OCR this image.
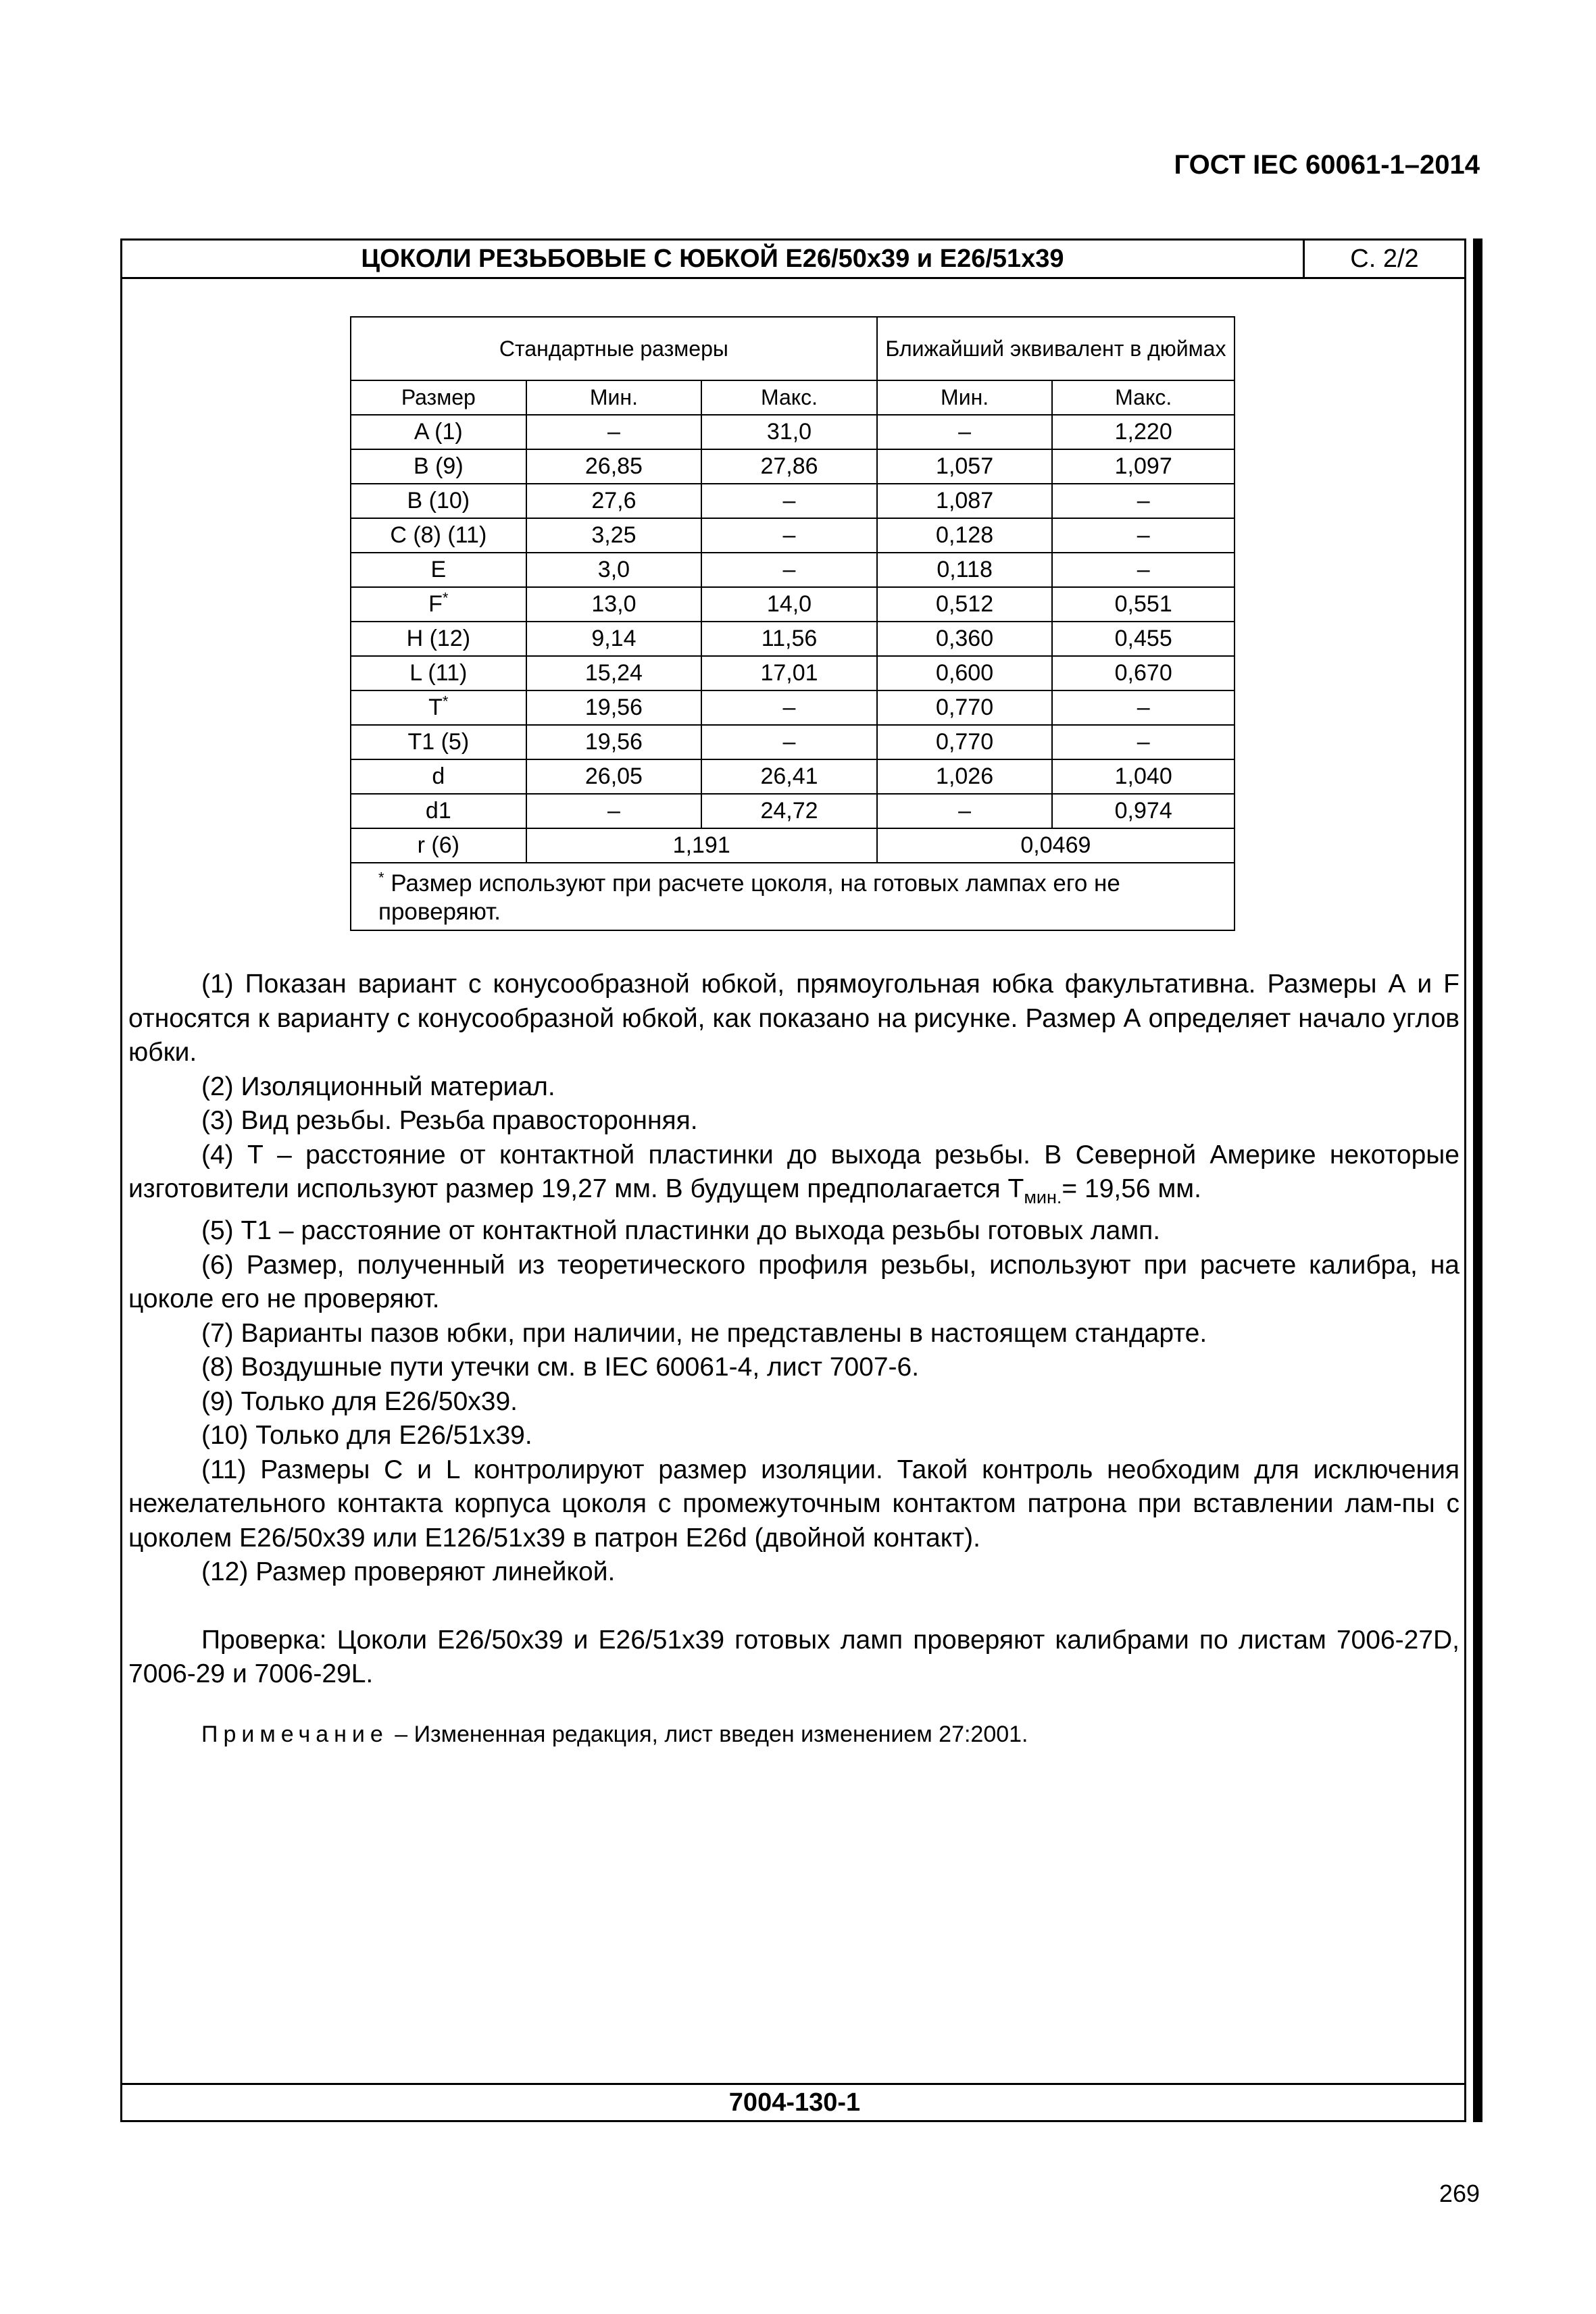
ГОСТ IEC 60061-1–2014
ЦОКОЛИ РЕЗЬБОВЫЕ С ЮБКОЙ Е26/50х39 и Е26/51х39	С. 2/2
7004-130-1
Стандартные размеры			Ближайший эквивалент в дюймах	
Размер	Мин.	Макс.	Мин.	Макс.
A (1)	–	31,0	–	1,220
B (9)	26,85	27,86	1,057	1,097
B (10)	27,6	–	1,087	–
C (8) (11)	3,25	–	0,128	–
E	3,0	–	0,118	–
F*	13,0	14,0	0,512	0,551
H (12)	9,14	11,56	0,360	0,455
L (11)	15,24	17,01	0,600	0,670
T*	19,56	–	0,770	–
T1 (5)	19,56	–	0,770	–
d	26,05	26,41	1,026	1,040
d1	–	24,72	–	0,974
r (6)	1,191		0,0469	
* Размер используют при расчете цоколя, на готовых лампах его не проверяют.				

(1) Показан вариант с конусообразной юбкой, прямоугольная юбка факультативна. Размеры А и F относятся к варианту с конусообразной юбкой, как показано на рисунке. Размер А определяет начало углов юбки.

(2) Изоляционный материал.

(3) Вид резьбы. Резьба правосторонняя.

(4) Т – расстояние от контактной пластинки до выхода резьбы. В Северной Америке некоторые изготовители используют размер 19,27 мм. В будущем предполагается $Т_{мин.}= 19,56$ мм.

(5) Т1 – расстояние от контактной пластинки до выхода резьбы готовых ламп.

(6) Размер, полученный из теоретического профиля резьбы, используют при расчете калибра, на цоколе его не проверяют.

(7) Варианты пазов юбки, при наличии, не представлены в настоящем стандарте.

(8) Воздушные пути утечки см. в IEC 60061-4, лист 7007-6.

(9) Только для Е26/50х39.

(10) Только для Е26/51х39.

(11) Размеры С и L контролируют размер изоляции. Такой контроль необходим для исключения нежелательного контакта корпуса цоколя с промежуточным контактом патрона при вставлении лам-пы с цоколем Е26/50х39 или Е126/51х39 в патрон Е26d (двойной контакт).

(12) Размер проверяют линейкой.

Проверка: Цоколи Е26/50х39 и Е26/51х39 готовых ламп проверяют калибрами по листам 7006-27D, 7006-29 и 7006-29L.

Примечание – Измененная редакция, лист введен изменением 27:2001.
269
